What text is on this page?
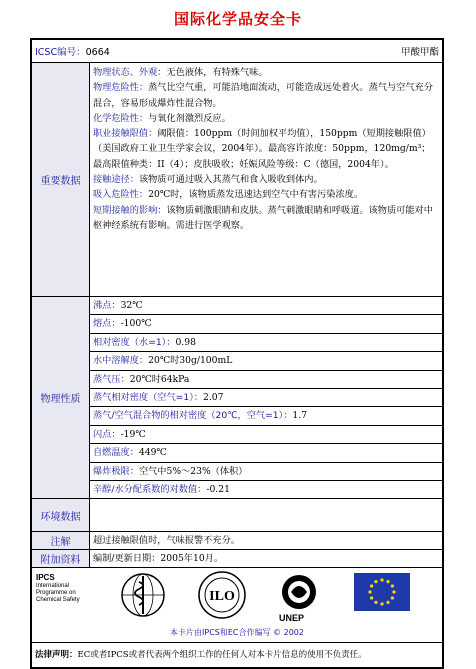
国际化学品安全卡
ICSC编号：0664	甲酸甲酯
重要数据
物理状态、外观：无色液体，有特殊气味。
物理危险性：蒸气比空气重，可能沿地面流动，可能造成远处着火。蒸气与空气充分混合，容易形成爆炸性混合物。
化学危险性：与氧化剂激烈反应。
职业接触限值：阈限值：100ppm（时间加权平均值），150ppm（短期接触限值）（美国政府工业卫生学家会议，2004年）。最高容许浓度：50ppm，120mg/m³；最高限值种类：II（4）；皮肤吸收；妊娠风险等级：C（德国，2004年）。
接触途径：该物质可通过吸入其蒸气和食入吸收到体内。
吸入危险性：20℃时，该物质蒸发迅速达到空气中有害污染浓度。
短期接触的影响：该物质刺激眼睛和皮肤。蒸气刺激眼睛和呼吸道。该物质可能对中枢神经系统有影响。需进行医学观察。
物理性质
沸点：32℃
熔点：-100℃
相对密度（水=1）：0.98
水中溶解度：20℃时30g/100mL
蒸气压：20℃时64kPa
蒸气相对密度（空气=1）：2.07
蒸气/空气混合物的相对密度（20℃，空气=1）：1.7
闪点：-19℃
自燃温度：449℃
爆炸极限：空气中5%～23%（体积）
辛醇/水分配系数的对数值：-0.21
环境数据
注解	超过接触限值时，气味报警不充分。
附加资料	编制/更新日期：2005年10月。
IPCS
International
Programme on
Chemical Safety	ILO
UNEP
本卡片由IPCS和EC合作编写 © 2002
法律声明：EC或者IPCS或者代表两个组织工作的任何人对本卡片信息的使用不负责任。
